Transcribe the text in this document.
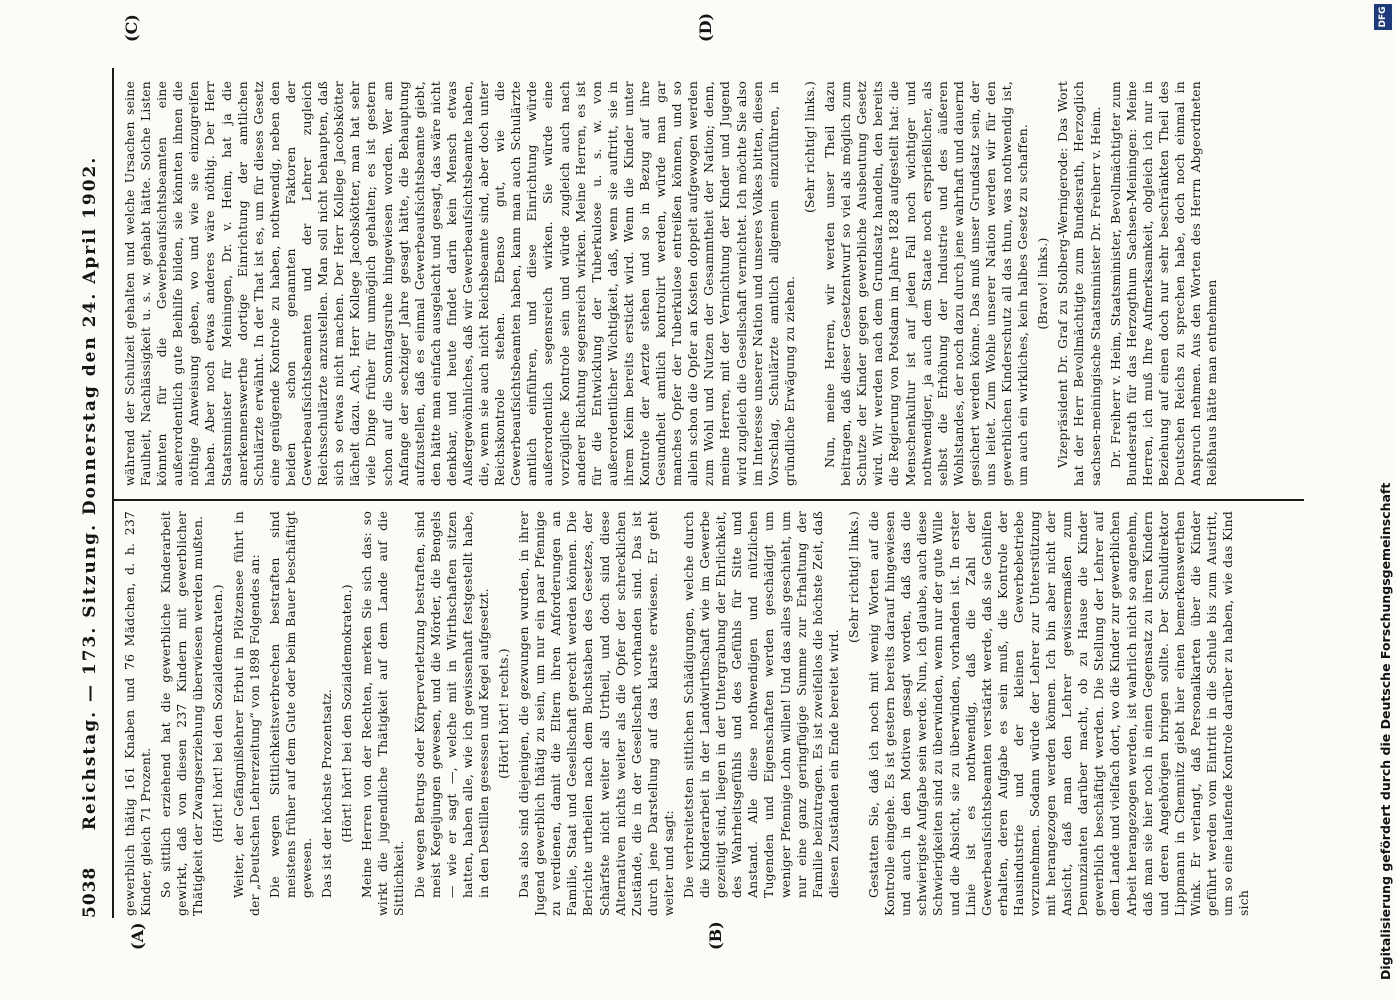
5038
Reichstag. — 173. Sitzung. Donnerstag den 24. April 1902.
(A)	(B)
(C)	(D)

gewerblich thätig 161 Knaben und 76 Mädchen, d. h. 237 Kinder, gleich 71 Prozent. So sittlich erziehend hat die gewerbliche Kinderarbeit gewirkt, daß von diesen 237 Kindern mit gewerblicher Thätigkeit der Zwangserziehung überwiesen werden mußten. (Hört! hört! bei den Sozialdemokraten.) Weiter, der Gefängnißlehrer Erbut in Plötzensee führt in der „Deutschen Lehrerzeitung“ von 1898 Folgendes an: Die wegen Sittlichkeitsverbrechen bestraften sind meistens früher auf dem Gute oder beim Bauer beschäftigt gewesen. Das ist der höchste Prozentsatz. (Hört! hört! bei den Sozialdemokraten.) Meine Herren von der Rechten, merken Sie sich das: so wirkt die jugendliche Thätigkeit auf dem Lande auf die Sittlichkeit. Die wegen Betrugs oder Körperverletzung bestraften, sind meist Kegeljungen gewesen, und die Mörder, die Bengels — wie er sagt —, welche mit in Wirthschaften sitzen hatten, haben alle, wie ich gewissenhaft festgestellt habe, in den Destillen gesessen und Kegel aufgesetzt. (Hört! hört! rechts.) Das also sind diejenigen, die gezwungen wurden, in ihrer Jugend gewerblich thätig zu sein, um nur ein paar Pfennige zu verdienen, damit die Eltern ihren Anforderungen an Familie, Staat und Gesellschaft gerecht werden können. Die Berichte urtheilen nach dem Buchstaben des Gesetzes, der Schärfste nicht weiter als Urtheil, und doch sind diese Alternativen nichts weiter als die Opfer der schrecklichen Zustände, die in der Gesellschaft vorhanden sind. Das ist durch jene Darstellung auf das klarste erwiesen. Er geht weiter und sagt: Die verbreitetsten sittlichen Schädigungen, welche durch die Kinderarbeit in der Landwirthschaft wie im Gewerbe gezeitigt sind, liegen in der Untergrabung der Ehrlichkeit, des Wahrheitsgefühls und des Gefühls für Sitte und Anstand. Alle diese nothwendigen und nützlichen Tugenden und Eigenschaften werden geschädigt um weniger Pfennige Lohn willen! Und das alles geschieht, um nur eine ganz geringfügige Summe zur Erhaltung der Familie beizutragen. Es ist zweifellos die höchste Zeit, daß diesen Zuständen ein Ende bereitet wird.

(Sehr richtig! links.) Gestatten Sie, daß ich noch mit wenig Worten auf die Kontrolle eingehe. Es ist gestern bereits darauf hingewiesen und auch in den Motiven gesagt worden, daß das die schwierigste Aufgabe sein werde. Nun, ich glaube, auch diese Schwierigkeiten sind zu überwinden, wenn nur der gute Wille und die Absicht, sie zu überwinden, vorhanden ist. In erster Linie ist es nothwendig, daß die Zahl der Gewerbeaufsichtsbeamten verstärkt werde, daß sie Gehilfen erhalten, deren Aufgabe es sein muß, die Kontrole der Hausindustrie und der kleinen Gewerbebetriebe vorzunehmen. Sodann würde der Lehrer zur Unterstützung mit herangezogen werden können. Ich bin aber nicht der Ansicht, daß man den Lehrer gewissermaßen zum Denunzianten darüber macht, ob zu Hause die Kinder gewerblich beschäftigt werden. Die Stellung der Lehrer auf dem Lande und vielfach dort, wo die Kinder zur gewerblichen Arbeit herangezogen werden, ist wahrlich nicht so angenehm, daß man sie hier noch in einen Gegensatz zu ihren Kindern und deren Angehörigen bringen sollte. Der Schuldirektor Lippmann in Chemnitz giebt hier einen bemerkenswerthen Wink. Er verlangt, daß Personalkarten über die Kinder geführt werden vom Eintritt in die Schule bis zum Austritt, um so eine laufende Kontrole darüber zu haben, wie das Kind sich

während der Schulzeit gehalten und welche Ursachen seine Faulheit, Nachlässigkeit u. s. w. gehabt hätte. Solche Listen könnten für die Gewerbeaufsichtsbeamten eine außerordentlich gute Beihilfe bilden, sie könnten ihnen die nöthige Anweisung geben, wo und wie sie einzugreifen haben. Aber noch etwas anderes wäre nöthig. Der Herr Staatsminister für Meiningen, Dr. v. Heim, hat ja die anerkennenswerthe dortige Einrichtung der amtlichen Schulärzte erwähnt. In der That ist es, um für dieses Gesetz eine genügende Kontrole zu haben, nothwendig, neben den beiden schon genannten Faktoren der Gewerbeaufsichtsbeamten und der Lehrer zugleich Reichsschulärzte anzustellen. Man soll nicht behaupten, daß sich so etwas nicht machen. Der Herr Kollege Jacobskötter lächelt dazu. Ach, Herr Kollege Jacobskötter, man hat sehr viele Dinge früher für unmöglich gehalten; es ist gestern schon auf die Sonntagsruhe hingewiesen worden. Wer am Anfange der sechziger Jahre gesagt hätte, die Behauptung aufzustellen, daß es einmal Gewerbeaufsichtsbeamte giebt, den hätte man einfach ausgelacht und gesagt, das wäre nicht denkbar, und heute findet darin kein Mensch etwas Außergewöhnliches, daß wir Gewerbeaufsichtsbeamte haben, die, wenn sie auch nicht Reichsbeamte sind, aber doch unter Reichskontrole stehen. Ebenso gut, wie die Gewerbeaufsichtsbeamten haben, kann man auch Schulärzte amtlich einführen, und diese Einrichtung würde außerordentlich segensreich wirken. Sie würde eine vorzügliche Kontrole sein und würde zugleich auch nach anderer Richtung segensreich wirken. Meine Herren, es ist für die Entwicklung der Tuberkulose u. s. w. von außerordentlicher Wichtigkeit, daß, wenn sie auftritt, sie in ihrem Keim bereits erstickt wird. Wenn die Kinder unter Kontrole der Aerzte stehen und so in Bezug auf ihre Gesundheit amtlich kontrolirt werden, würde man gar manches Opfer der Tuberkulose entreißen können, und so allein schon die Opfer an Kosten doppelt aufgewogen werden zum Wohl und Nutzen der Gesammtheit der Nation; denn, meine Herren, mit der Vernichtung der Kinder und Jugend wird zugleich die Gesellschaft vernichtet. Ich möchte Sie also im Interesse unserer Nation und unseres Volkes bitten, diesen Vorschlag, Schulärzte amtlich allgemein einzuführen, in gründliche Erwägung zu ziehen.

(Sehr richtig! links.) Nun, meine Herren, wir werden unser Theil dazu beitragen, daß dieser Gesetzentwurf so viel als möglich zum Schutze der Kinder gegen gewerbliche Ausbeutung Gesetz wird. Wir werden nach dem Grundsatz handeln, den bereits die Regierung von Potsdam im Jahre 1828 aufgestellt hat: die Menschenkultur ist auf jeden Fall noch wichtiger und nothwendiger, ja auch dem Staate noch ersprießlicher, als selbst die Erhöhung der Industrie und des äußeren Wohlstandes, der noch dazu durch jene wahrhaft und dauernd gesichert werden könne. Das muß unser Grundsatz sein, der uns leitet. Zum Wohle unserer Nation werden wir für den gewerblichen Kinderschutz all das thun, was nothwendig ist, um auch ein wirkliches, kein halbes Gesetz zu schaffen. (Bravo! links.) Vizepräsident Dr. Graf zu Stolberg-Wernigerode: Das Wort hat der Herr Bevollmächtigte zum Bundesrath, Herzoglich sachsen-meiningische Staatsminister Dr. Freiherr v. Heim. Dr. Freiherr v. Heim, Staatsminister, Bevollmächtigter zum Bundesrath für das Herzogthum Sachsen-Meiningen: Meine Herren, ich muß Ihre Aufmerksamkeit, obgleich ich nur in Beziehung auf einen doch nur sehr beschränkten Theil des Deutschen Reichs zu sprechen habe, doch noch einmal in Anspruch nehmen. Aus den Worten des Herrn Abgeordneten Reißhaus hätte man entnehmen

Digitalisierung gefördert durch die Deutsche Forschungsgemeinschaft
DFG
